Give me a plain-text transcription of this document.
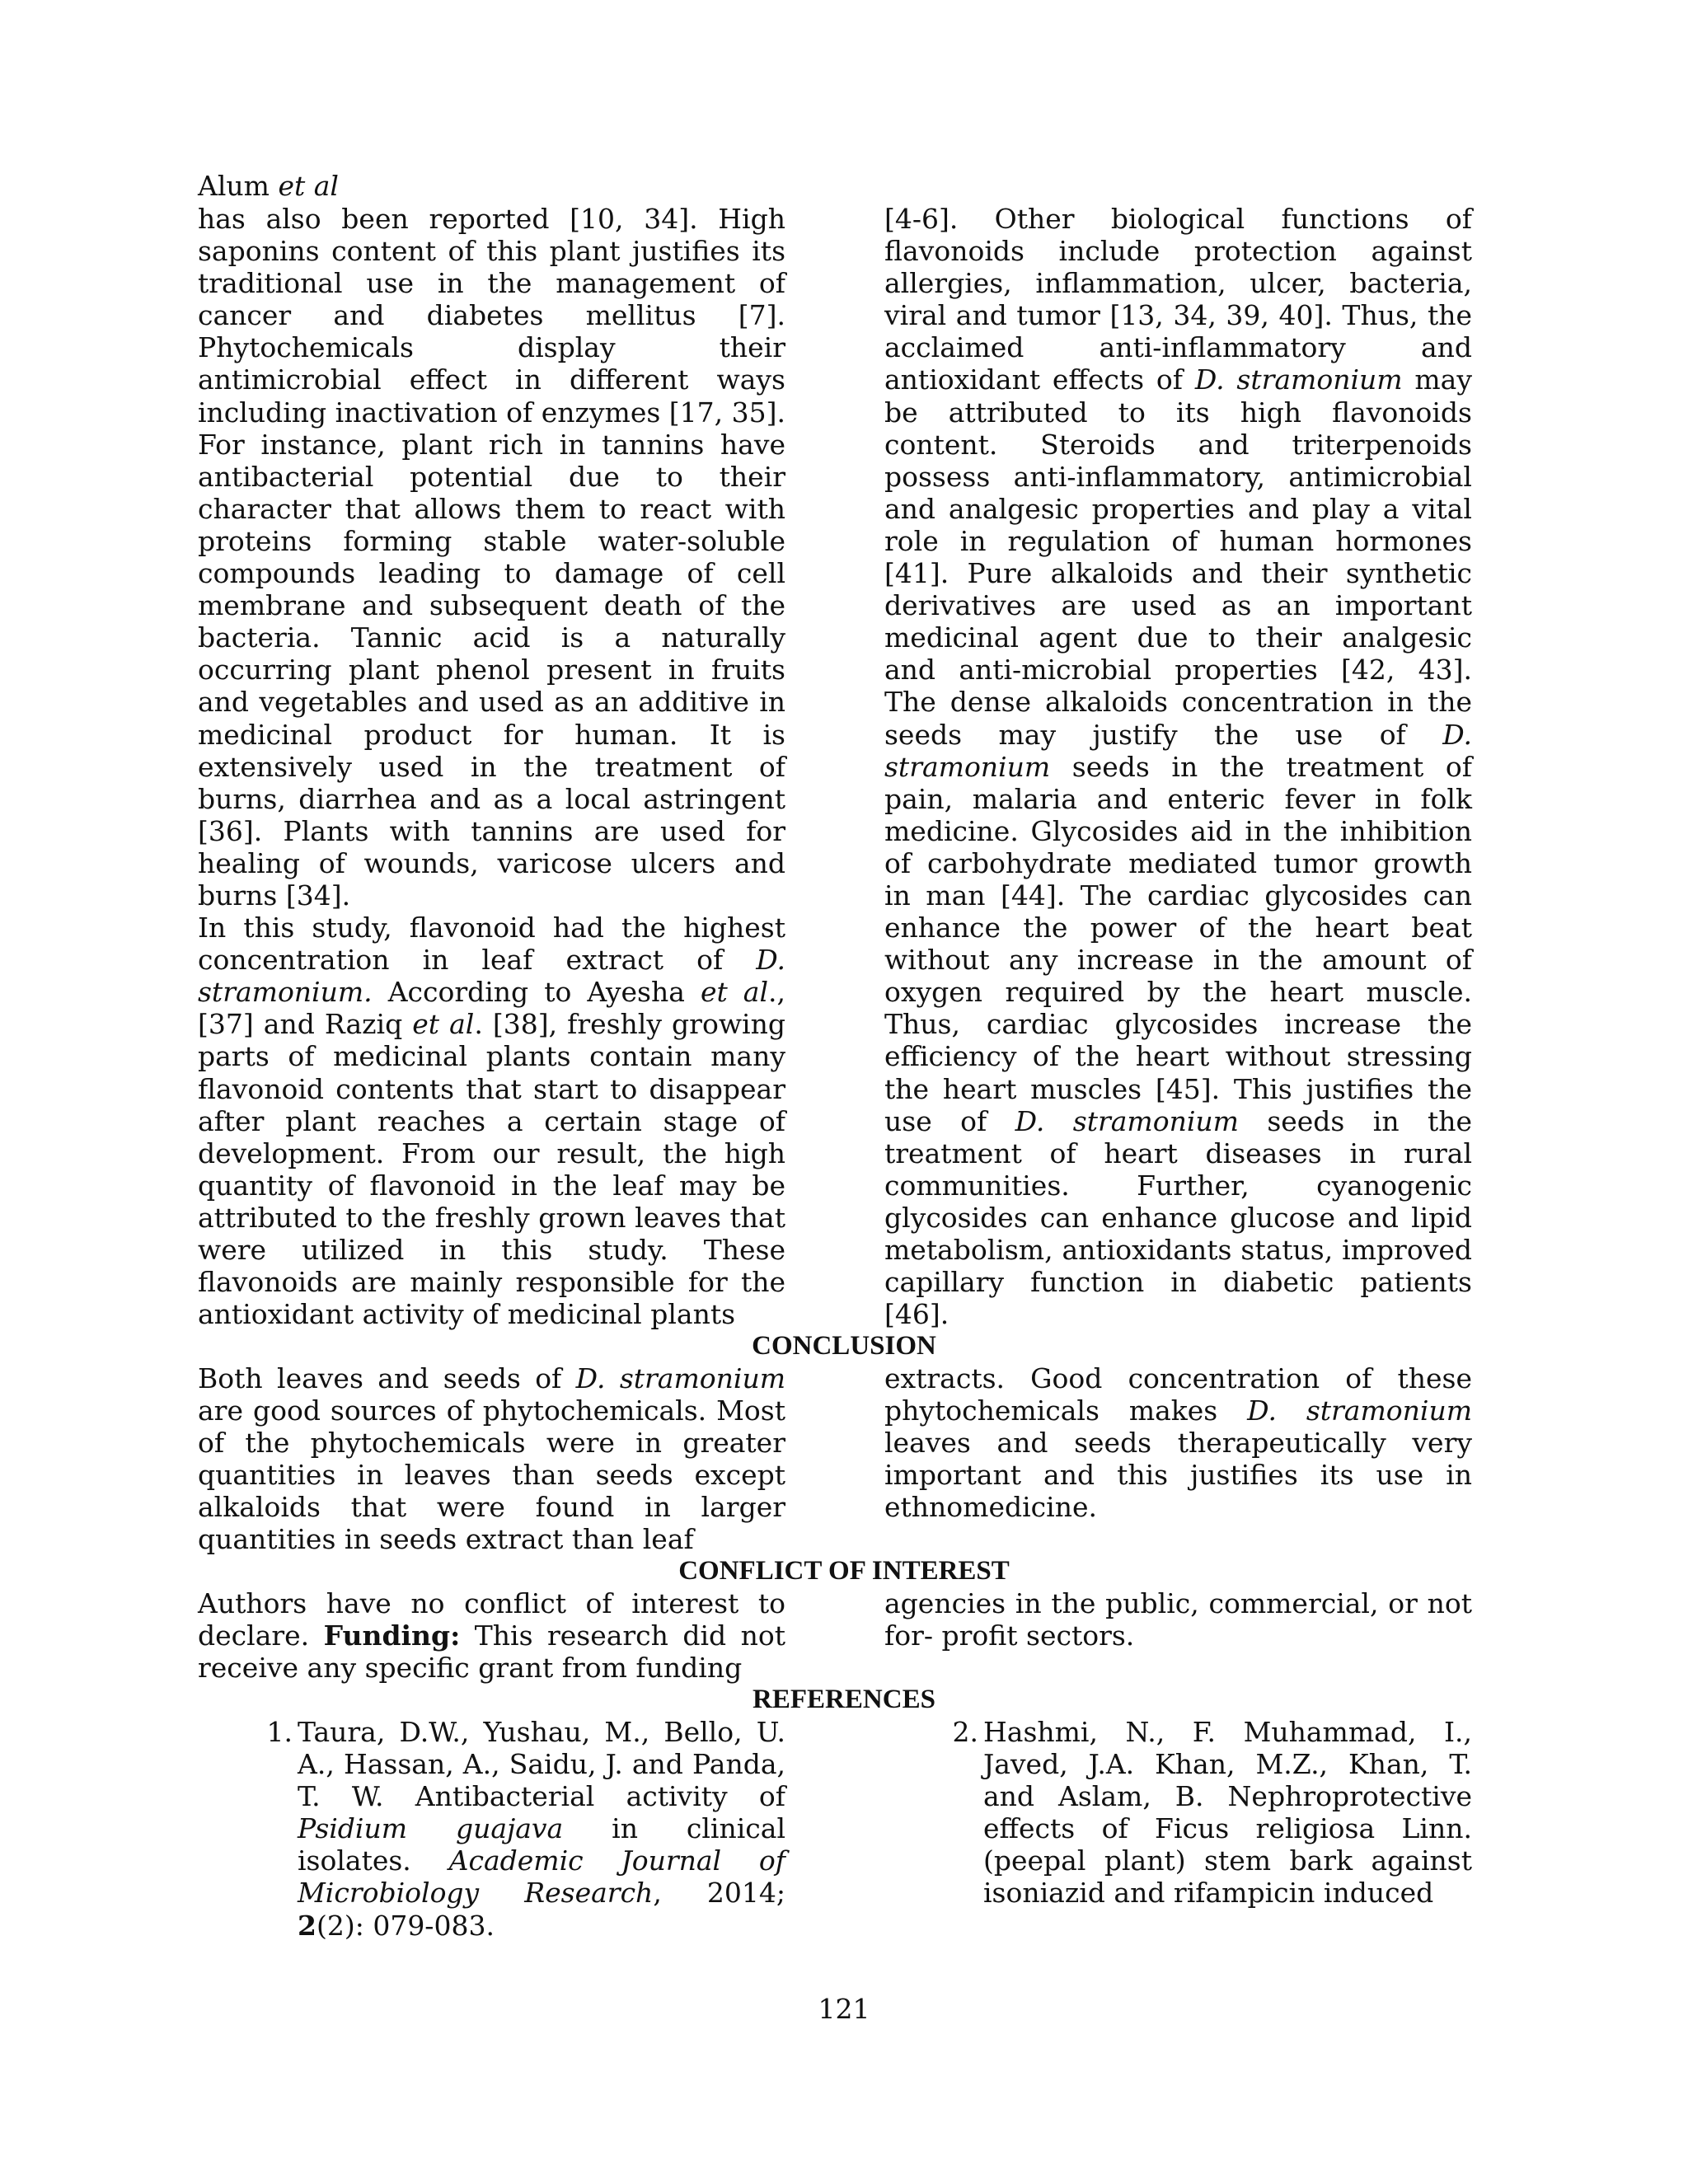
Alum et al

has also been reported [10, 34]. High saponins content of this plant justifies its traditional use in the management of cancer and diabetes mellitus [7]. Phytochemicals display their antimicrobial effect in different ways including inactivation of enzymes [17, 35]. For instance, plant rich in tannins have antibacterial potential due to their character that allows them to react with proteins forming stable water-soluble compounds leading to damage of cell membrane and subsequent death of the bacteria. Tannic acid is a naturally occurring plant phenol present in fruits and vegetables and used as an additive in medicinal product for human. It is extensively used in the treatment of burns, diarrhea and as a local astringent [36]. Plants with tannins are used for healing of wounds, varicose ulcers and burns [34].

In this study, flavonoid had the highest concentration in leaf extract of D. stramonium. According to Ayesha et al., [37] and Raziq et al. [38], freshly growing parts of medicinal plants contain many flavonoid contents that start to disappear after plant reaches a certain stage of development. From our result, the high quantity of flavonoid in the leaf may be attributed to the freshly grown leaves that were utilized in this study. These flavonoids are mainly responsible for the antioxidant activity of medicinal plants

[4-6]. Other biological functions of flavonoids include protection against allergies, inflammation, ulcer, bacteria, viral and tumor [13, 34, 39, 40]. Thus, the acclaimed anti-inflammatory and antioxidant effects of D. stramonium may be attributed to its high flavonoids content. Steroids and triterpenoids possess anti-inflammatory, antimicrobial and analgesic properties and play a vital role in regulation of human hormones [41]. Pure alkaloids and their synthetic derivatives are used as an important medicinal agent due to their analgesic and anti-microbial properties [42, 43]. The dense alkaloids concentration in the seeds may justify the use of D. stramonium seeds in the treatment of pain, malaria and enteric fever in folk medicine. Glycosides aid in the inhibition of carbohydrate mediated tumor growth in man [44]. The cardiac glycosides can enhance the power of the heart beat without any increase in the amount of oxygen required by the heart muscle. Thus, cardiac glycosides increase the efficiency of the heart without stressing the heart muscles [45]. This justifies the use of D. stramonium seeds in the treatment of heart diseases in rural communities. Further, cyanogenic glycosides can enhance glucose and lipid metabolism, antioxidants status, improved capillary function in diabetic patients [46].

CONCLUSION

Both leaves and seeds of D. stramonium are good sources of phytochemicals. Most of the phytochemicals were in greater quantities in leaves than seeds except alkaloids that were found in larger quantities in seeds extract than leaf

extracts. Good concentration of these phytochemicals makes D. stramonium leaves and seeds therapeutically very important and this justifies its use in ethnomedicine.

CONFLICT OF INTEREST

Authors have no conflict of interest to declare. Funding: This research did not receive any specific grant from funding

agencies in the public, commercial, or not for- profit sectors.

REFERENCES
1. Taura, D.W., Yushau, M., Bello, U. A., Hassan, A., Saidu, J. and Panda, T. W. Antibacterial activity of Psidium guajava in clinical isolates. Academic Journal of Microbiology Research, 2014; 2(2): 079-083.
2. Hashmi, N., F. Muhammad, I., Javed, J.A. Khan, M.Z., Khan, T. and Aslam, B. Nephroprotective effects of Ficus religiosa Linn. (peepal plant) stem bark against isoniazid and rifampicin induced
121
